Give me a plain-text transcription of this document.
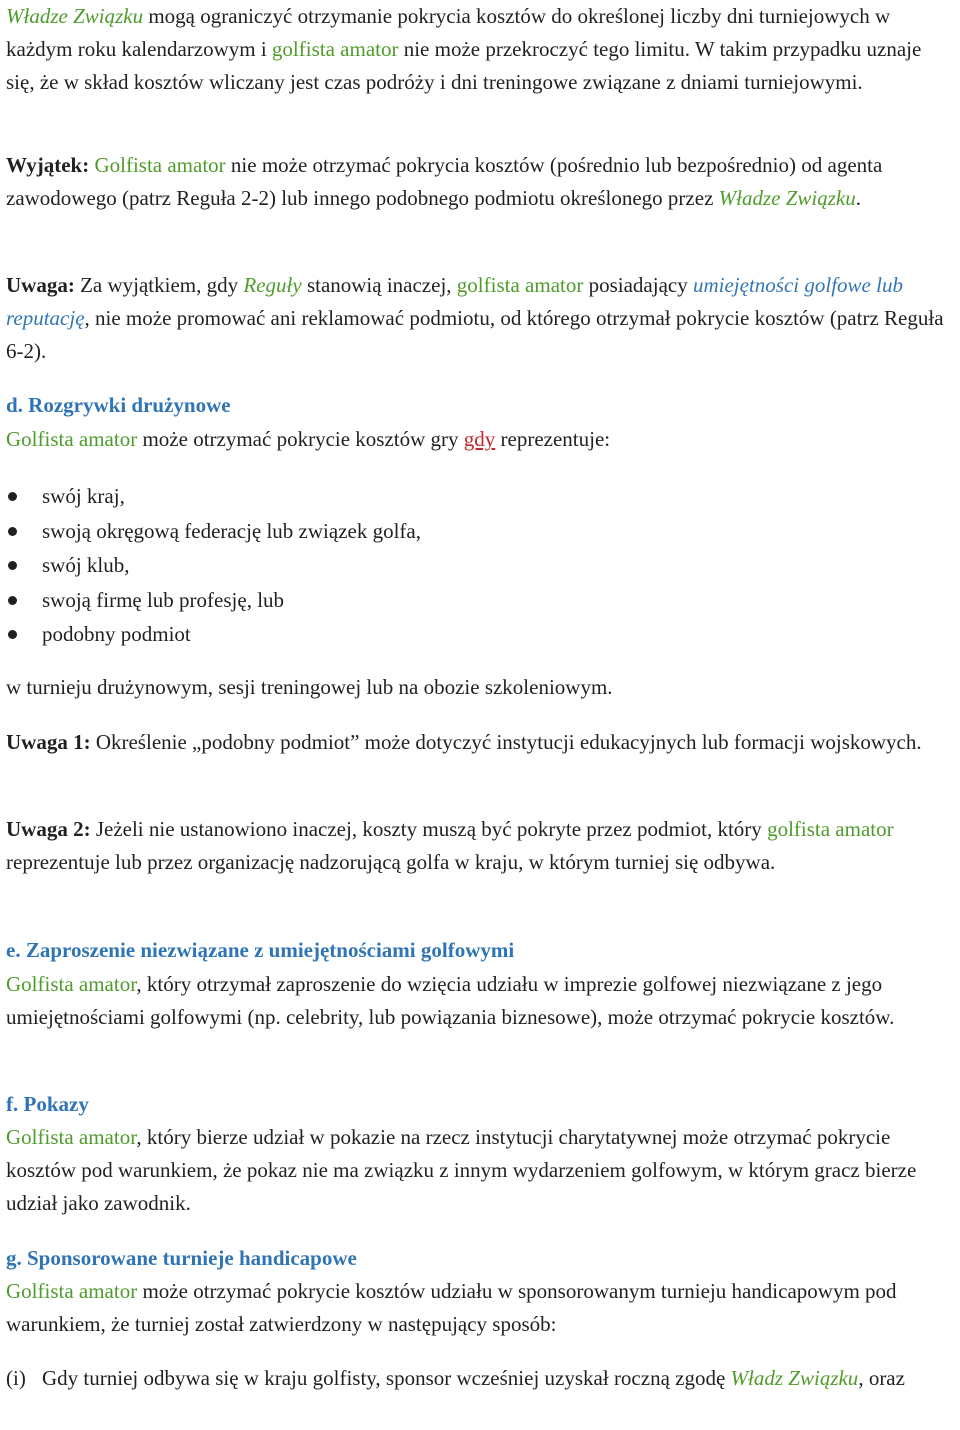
Władze Związku mogą ograniczyć otrzymanie pokrycia kosztów do określonej liczby dni turniejowych w każdym roku kalendarzowym i golfista amator nie może przekroczyć tego limitu. W takim przypadku uznaje się, że w skład kosztów wliczany jest czas podróży i dni treningowe związane z dniami turniejowymi.

Wyjątek: Golfista amator nie może otrzymać pokrycia kosztów (pośrednio lub bezpośrednio) od agenta zawodowego (patrz Reguła 2-2) lub innego podobnego podmiotu określonego przez Władze Związku.

Uwaga: Za wyjątkiem, gdy Reguły stanowią inaczej, golfista amator posiadający umiejętności golfowe lub reputację, nie może promować ani reklamować podmiotu, od którego otrzymał pokrycie kosztów (patrz Reguła 6-2).

d. Rozgrywki drużynowe

Golfista amator może otrzymać pokrycie kosztów gry gdy reprezentuje:

swój kraj,
swoją okręgową federację lub związek golfa,
swój klub,
swoją firmę lub profesję, lub
podobny podmiot

w turnieju drużynowym, sesji treningowej lub na obozie szkoleniowym.

Uwaga 1: Określenie „podobny podmiot” może dotyczyć instytucji edukacyjnych lub formacji wojskowych.

Uwaga 2: Jeżeli nie ustanowiono inaczej, koszty muszą być pokryte przez podmiot, który golfista amator reprezentuje lub przez organizację nadzorującą golfa w kraju, w którym turniej się odbywa.

e. Zaproszenie niezwiązane z umiejętnościami golfowymi

Golfista amator, który otrzymał zaproszenie do wzięcia udziału w imprezie golfowej niezwiązane z jego umiejętnościami golfowymi (np. celebrity, lub powiązania biznesowe), może otrzymać pokrycie kosztów.

f. Pokazy

Golfista amator, który bierze udział w pokazie na rzecz instytucji charytatywnej może otrzymać pokrycie kosztów pod warunkiem, że pokaz nie ma związku z innym wydarzeniem golfowym, w którym gracz bierze udział jako zawodnik.

g. Sponsorowane turnieje handicapowe

Golfista amator może otrzymać pokrycie kosztów udziału w sponsorowanym turnieju handicapowym pod warunkiem, że turniej został zatwierdzony w następujący sposób:

(i) Gdy turniej odbywa się w kraju golfisty, sponsor wcześniej uzyskał roczną zgodę Władz Związku, oraz
